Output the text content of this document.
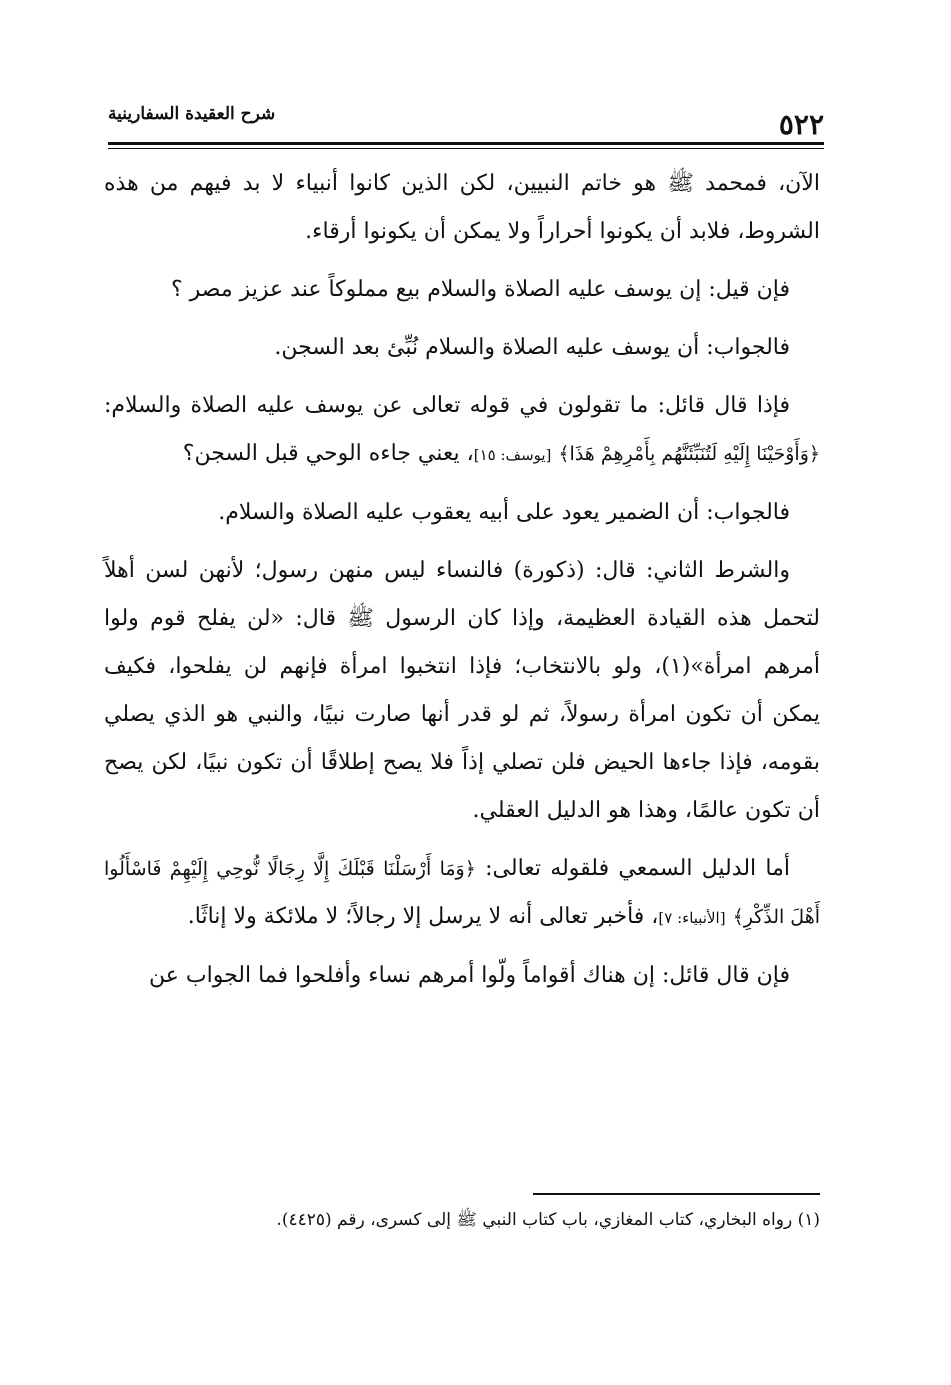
٥٢٢
شرح العقيدة السفارينية

الآن، فمحمد ﷺ هو خاتم النبيين، لكن الذين كانوا أنبياء لا بد فيهم من هذه الشروط، فلابد أن يكونوا أحراراً ولا يمكن أن يكونوا أرقاء.

فإن قيل: إن يوسف عليه الصلاة والسلام بيع مملوكاً عند عزيز مصر ؟

فالجواب: أن يوسف عليه الصلاة والسلام نُبِّئ بعد السجن.

فإذا قال قائل: ما تقولون في قوله تعالى عن يوسف عليه الصلاة والسلام: ﴿وَأَوْحَيْنَا إِلَيْهِ لَتُنَبِّئَنَّهُم بِأَمْرِهِمْ هَذَا﴾ [يوسف: ١٥]، يعني جاءه الوحي قبل السجن؟

فالجواب: أن الضمير يعود على أبيه يعقوب عليه الصلاة والسلام.

والشرط الثاني: قال: (ذكورة) فالنساء ليس منهن رسول؛ لأنهن لسن أهلاً لتحمل هذه القيادة العظيمة، وإذا كان الرسول ﷺ قال: «لن يفلح قوم ولوا أمرهم امرأة»(١)، ولو بالانتخاب؛ فإذا انتخبوا امرأة فإنهم لن يفلحوا، فكيف يمكن أن تكون امرأة رسولاً، ثم لو قدر أنها صارت نبيًا، والنبي هو الذي يصلي بقومه، فإذا جاءها الحيض فلن تصلي إذاً فلا يصح إطلاقًا أن تكون نبيًا، لكن يصح أن تكون عالمًا، وهذا هو الدليل العقلي.

أما الدليل السمعي فلقوله تعالى: ﴿وَمَا أَرْسَلْنَا قَبْلَكَ إِلَّا رِجَالًا نُّوحِي إِلَيْهِمْ فَاسْأَلُوا أَهْلَ الذِّكْرِ﴾ [الأنبياء: ٧]، فأخبر تعالى أنه لا يرسل إلا رجالاً؛ لا ملائكة ولا إناثًا.

فإن قال قائل: إن هناك أقواماً ولّوا أمرهم نساء وأفلحوا فما الجواب عن

(١) رواه البخاري، كتاب المغازي، باب كتاب النبي ﷺ إلى كسرى، رقم (٤٤٢٥).
